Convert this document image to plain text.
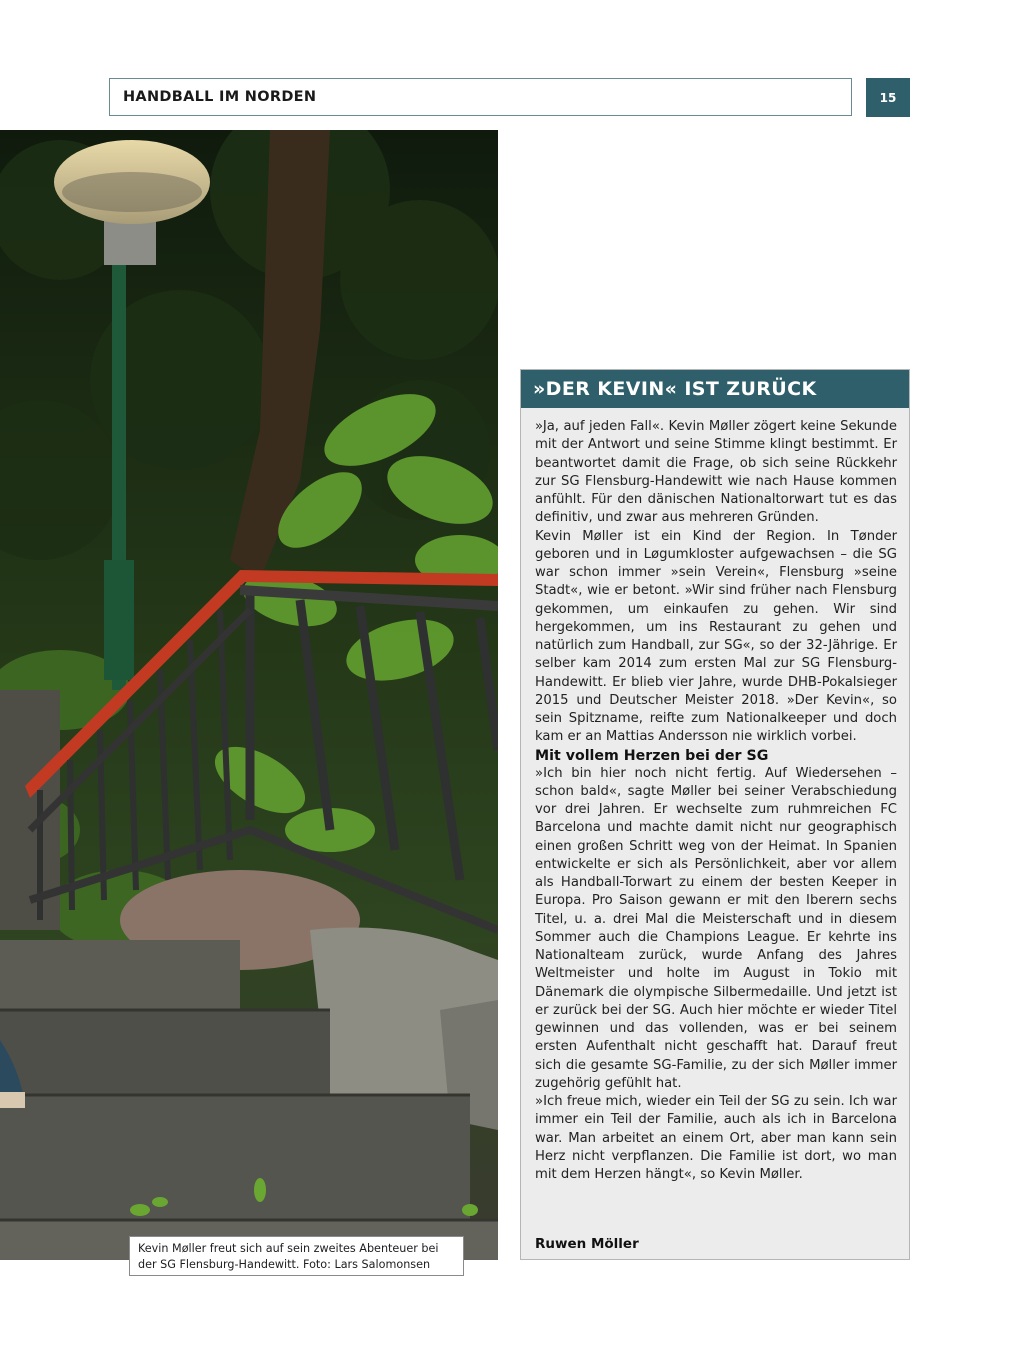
HANDBALL IM NORDEN	15
Kevin Møller freut sich auf sein zweites Abenteuer bei der SG Flensburg-Handewitt. Foto: Lars Salomonsen
»DER KEVIN« IST ZURÜCK

»Ja, auf jeden Fall«. Kevin Møller zögert keine Sekunde mit der Antwort und seine Stimme klingt bestimmt. Er beantwortet damit die Frage, ob sich seine Rückkehr zur SG Flensburg-Handewitt wie nach Hause kommen anfühlt. Für den dänischen Nationaltorwart tut es das definitiv, und zwar aus mehreren Gründen.

Kevin Møller ist ein Kind der Region. In Tønder geboren und in Løgumkloster aufgewachsen – die SG war schon immer »sein Verein«, Flensburg »seine Stadt«, wie er betont. »Wir sind früher nach Flensburg gekommen, um einkaufen zu gehen. Wir sind hergekommen, um ins Restaurant zu gehen und natürlich zum Handball, zur SG«, so der 32-Jährige. Er selber kam 2014 zum ersten Mal zur SG Flensburg-Handewitt. Er blieb vier Jahre, wurde DHB-Pokalsieger 2015 und Deutscher Meister 2018. »Der Kevin«, so sein Spitzname, reifte zum Nationalkeeper und doch kam er an Mattias Andersson nie wirklich vorbei.

Mit vollem Herzen bei der SG

»Ich bin hier noch nicht fertig. Auf Wiedersehen – schon bald«, sagte Møller bei seiner Verabschiedung vor drei Jahren. Er wechselte zum ruhmreichen FC Barcelona und machte damit nicht nur geographisch einen großen Schritt weg von der Heimat. In Spanien entwickelte er sich als Persönlichkeit, aber vor allem als Handball-Torwart zu einem der besten Keeper in Europa. Pro Saison gewann er mit den Iberern sechs Titel, u. a. drei Mal die Meisterschaft und in diesem Sommer auch die Champions League. Er kehrte ins Nationalteam zurück, wurde Anfang des Jahres Weltmeister und holte im August in Tokio mit Dänemark die olympische Silbermedaille. Und jetzt ist er zurück bei der SG. Auch hier möchte er wieder Titel gewinnen und das vollenden, was er bei seinem ersten Aufenthalt nicht geschafft hat. Darauf freut sich die gesamte SG-Familie, zu der sich Møller immer zugehörig gefühlt hat.

»Ich freue mich, wieder ein Teil der SG zu sein. Ich war immer ein Teil der Familie, auch als ich in Barcelona war. Man arbeitet an einem Ort, aber man kann sein Herz nicht verpflanzen. Die Familie ist dort, wo man mit dem Herzen hängt«, so Kevin Møller.

Ruwen Möller
